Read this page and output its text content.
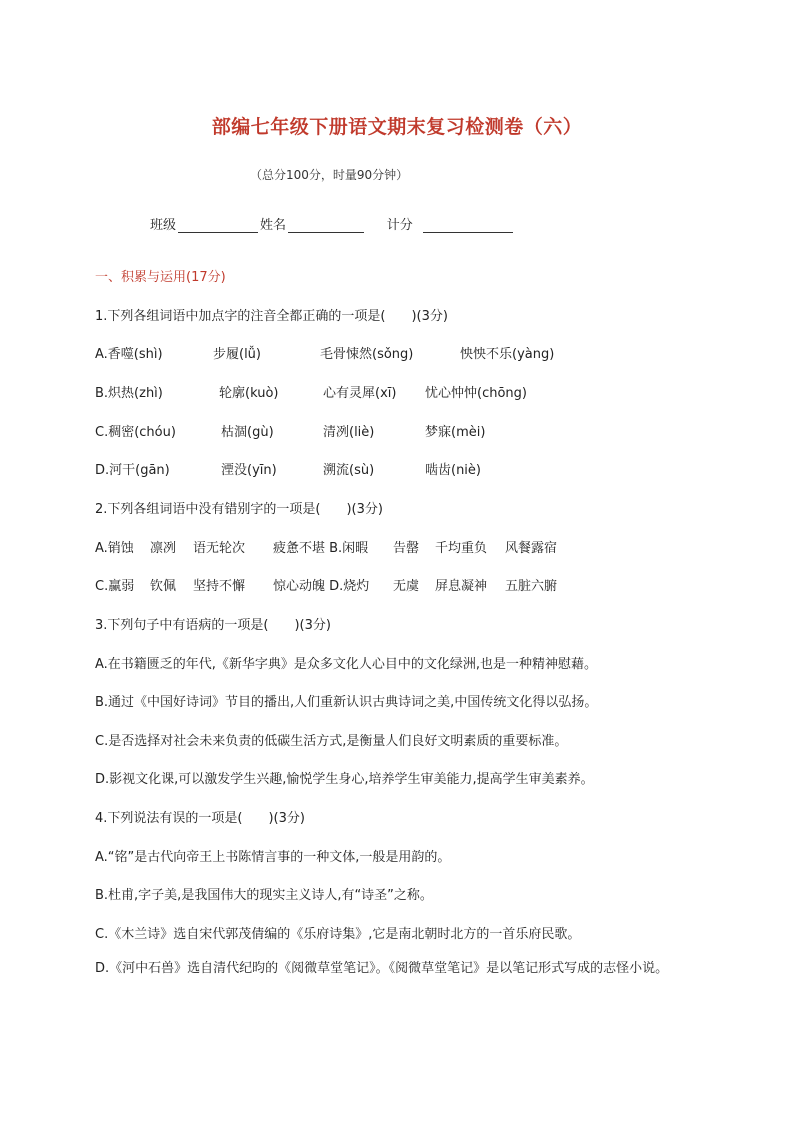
部编七年级下册语文期末复习检测卷（六）
（总分100分，时量90分钟）
班级	姓名	计分
一、积累与运用(17分)
1.下列各组词语中加点字的注音全都正确的一项是(　　)(3分)
A.香噬(shì)	步履(lǚ)	毛骨悚然(sǒng)	怏怏不乐(yàng)
B.炽热(zhì)	轮廓(kuò)	心有灵犀(xī) 忧心忡忡(chōng)
C.稠密(chóu)	枯涸(gù)	清冽(liè)	梦寐(mèi)
D.河干(gān)	湮没(yīn)	溯流(sù)	啮齿(niè)
2.下列各组词语中没有错别字的一项是(　　)(3分)
A.销蚀 凛冽 语无轮次 疲惫不堪 B.闲暇 告罄 千均重负 风餐露宿
C.赢弱 钦佩 坚持不懈 惊心动魄 D.烧灼 无虞 屏息凝神 五脏六腑
3.下列句子中有语病的一项是(　　)(3分)
A.在书籍匮乏的年代,《新华字典》是众多文化人心目中的文化绿洲,也是一种精神慰藉。
B.通过《中国好诗词》节目的播出,人们重新认识古典诗词之美,中国传统文化得以弘扬。
C.是否选择对社会未来负责的低碳生活方式,是衡量人们良好文明素质的重要标准。
D.影视文化课,可以激发学生兴趣,愉悦学生身心,培养学生审美能力,提高学生审美素养。
4.下列说法有误的一项是(　　)(3分)
A.“铭”是古代向帝王上书陈情言事的一种文体,一般是用韵的。
B.杜甫,字子美,是我国伟大的现实主义诗人,有“诗圣”之称。
C.《木兰诗》选自宋代郭茂倩编的《乐府诗集》,它是南北朝时北方的一首乐府民歌。
D.《河中石兽》选自清代纪昀的《阅微草堂笔记》。《阅微草堂笔记》是以笔记形式写成的志怪小说。
